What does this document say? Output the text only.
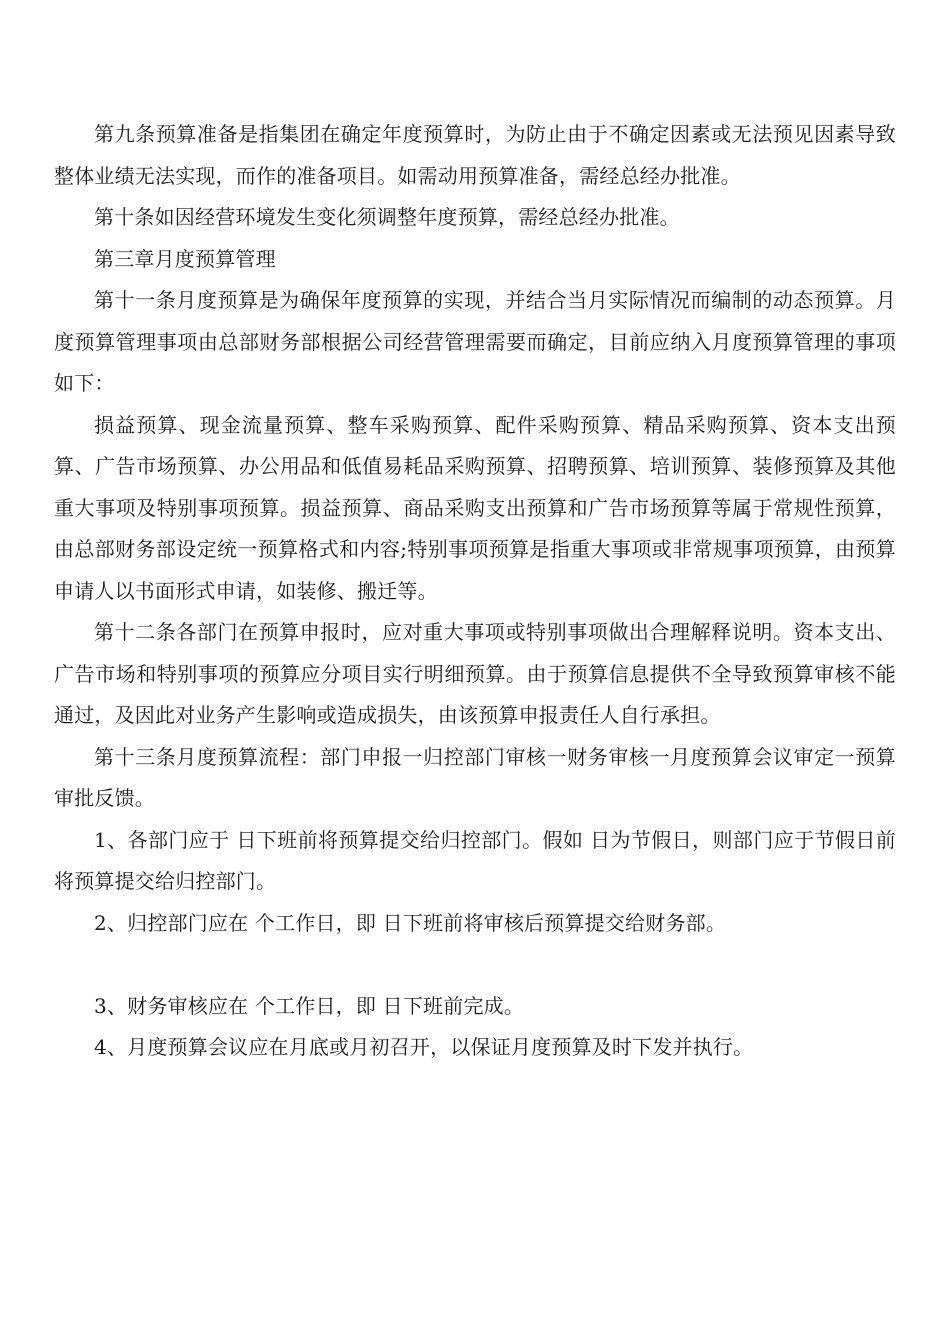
第九条预算准备是指集团在确定年度预算时，为防止由于不确定因素或无法预见因素导致整体业绩无法实现，而作的准备项目。如需动用预算准备，需经总经办批准。

第十条如因经营环境发生变化须调整年度预算，需经总经办批准。

第三章月度预算管理

第十一条月度预算是为确保年度预算的实现，并结合当月实际情况而编制的动态预算。月度预算管理事项由总部财务部根据公司经营管理需要而确定，目前应纳入月度预算管理的事项如下：

损益预算、现金流量预算、整车采购预算、配件采购预算、精品采购预算、资本支出预算、广告市场预算、办公用品和低值易耗品采购预算、招聘预算、培训预算、装修预算及其他重大事项及特别事项预算。损益预算、商品采购支出预算和广告市场预算等属于常规性预算，由总部财务部设定统一预算格式和内容;特别事项预算是指重大事项或非常规事项预算，由预算申请人以书面形式申请，如装修、搬迁等。

第十二条各部门在预算申报时，应对重大事项或特别事项做出合理解释说明。资本支出、广告市场和特别事项的预算应分项目实行明细预算。由于预算信息提供不全导致预算审核不能通过，及因此对业务产生影响或造成损失，由该预算申报责任人自行承担。

第十三条月度预算流程：部门申报一归控部门审核一财务审核一月度预算会议审定一预算审批反馈。

1、各部门应于 日下班前将预算提交给归控部门。假如 日为节假日，则部门应于节假日前将预算提交给归控部门。

2、归控部门应在 个工作日，即 日下班前将审核后预算提交给财务部。

3、财务审核应在 个工作日，即 日下班前完成。

4、月度预算会议应在月底或月初召开，以保证月度预算及时下发并执行。
